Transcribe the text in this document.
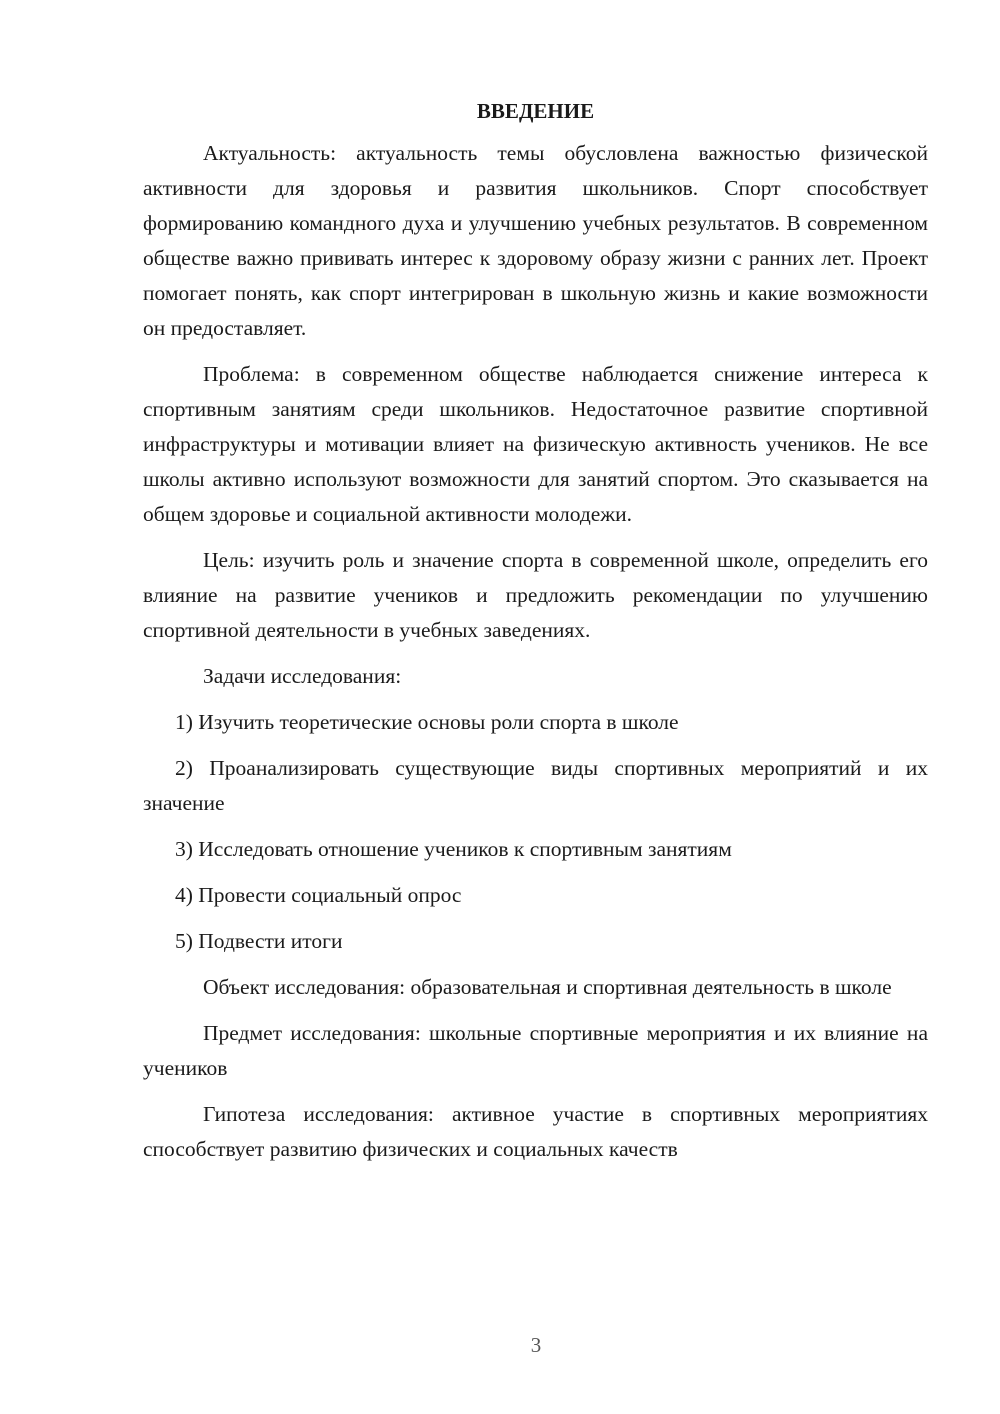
ВВЕДЕНИЕ

Актуальность: актуальность темы обусловлена важностью физической активности для здоровья и развития школьников. Спорт способствует формированию командного духа и улучшению учебных результатов. В современном обществе важно прививать интерес к здоровому образу жизни с ранних лет. Проект помогает понять, как спорт интегрирован в школьную жизнь и какие возможности он предоставляет.

Проблема: в современном обществе наблюдается снижение интереса к спортивным занятиям среди школьников. Недостаточное развитие спортивной инфраструктуры и мотивации влияет на физическую активность учеников. Не все школы активно используют возможности для занятий спортом. Это сказывается на общем здоровье и социальной активности молодежи.

Цель: изучить роль и значение спорта в современной школе, определить его влияние на развитие учеников и предложить рекомендации по улучшению спортивной деятельности в учебных заведениях.

Задачи исследования:

1) Изучить теоретические основы роли спорта в школе

2) Проанализировать существующие виды спортивных мероприятий и их значение

3) Исследовать отношение учеников к спортивным занятиям

4) Провести социальный опрос

5) Подвести итоги

Объект исследования: образовательная и спортивная деятельность в школе

Предмет исследования: школьные спортивные мероприятия и их влияние на учеников

Гипотеза исследования: активное участие в спортивных мероприятиях способствует развитию физических и социальных качеств

3
